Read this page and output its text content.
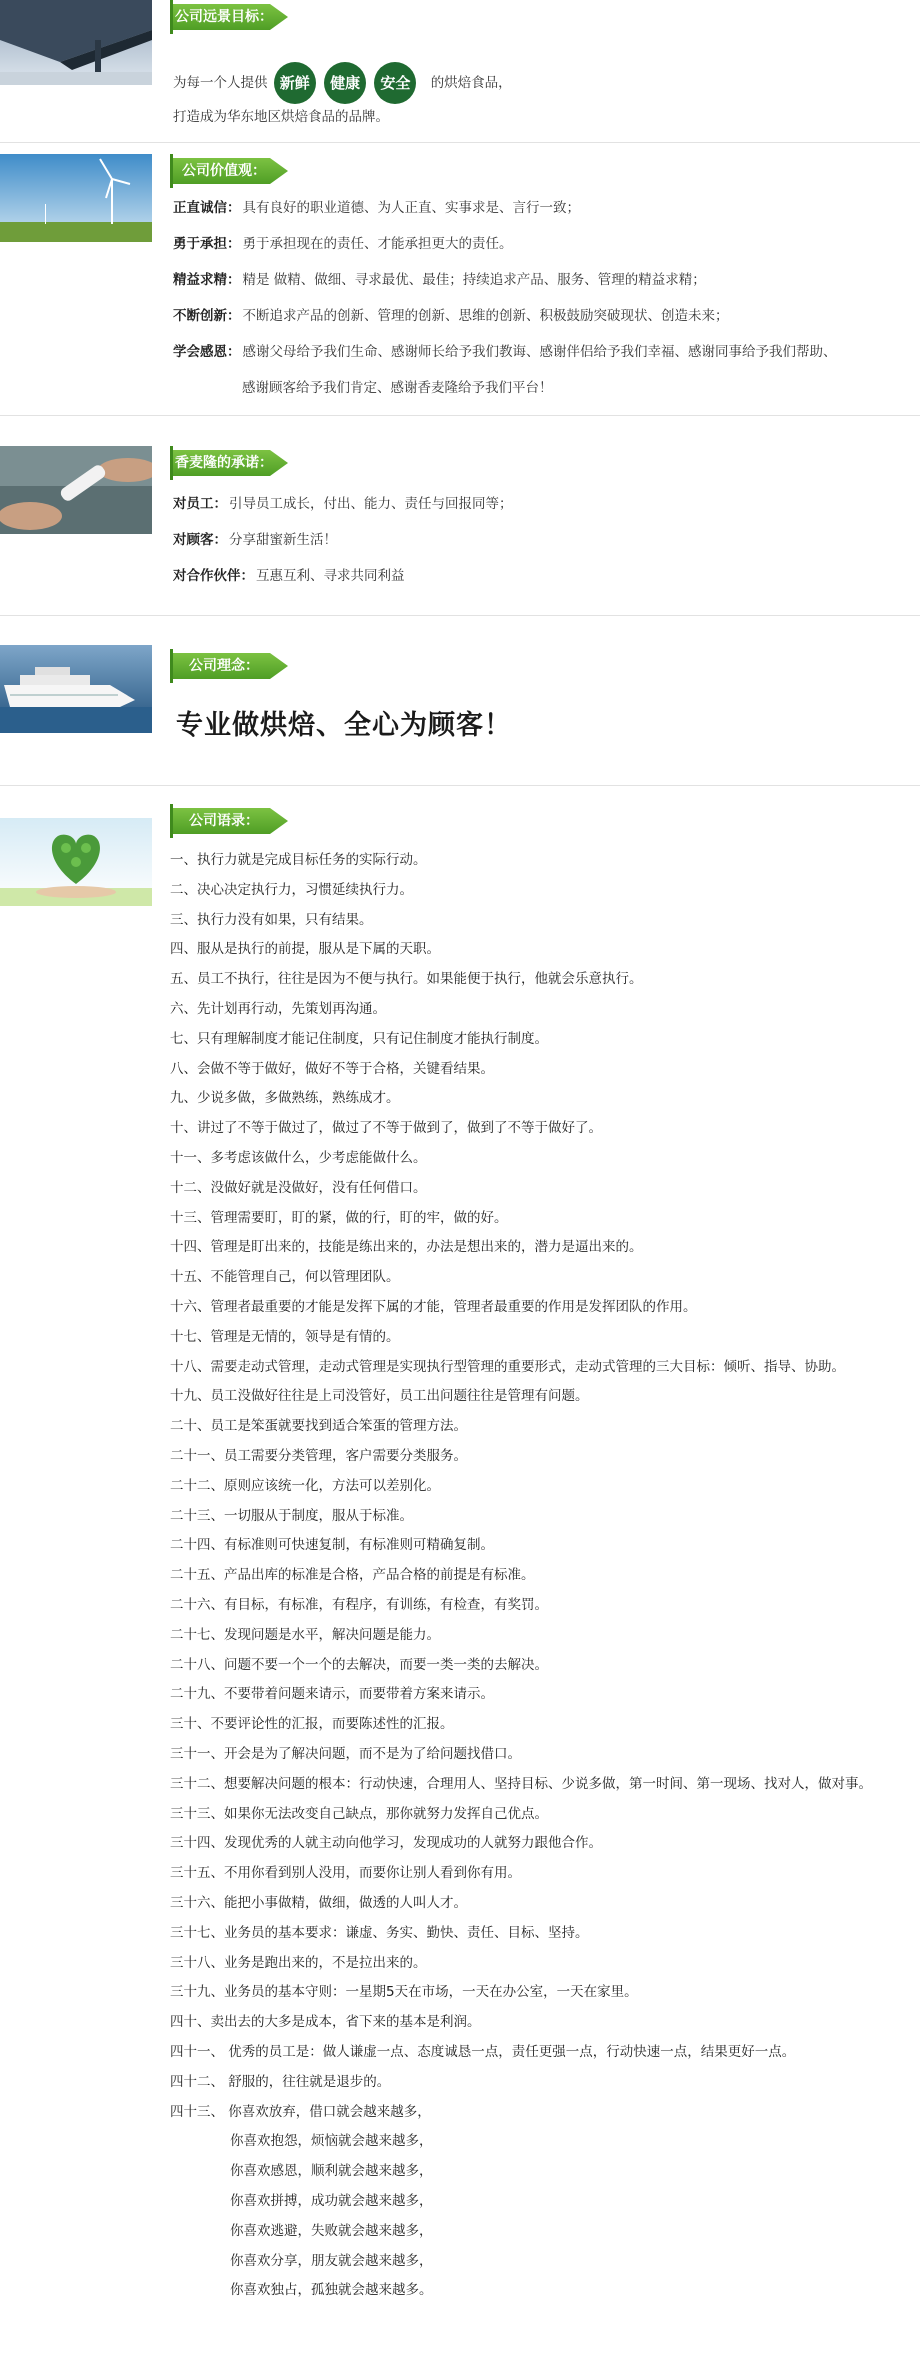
公司远景目标：
为每一个人提供 新鲜 健康 安全 的烘焙食品，
打造成为华东地区烘焙食品的品牌。
公司价值观：
正直诚信： 具有良好的职业道德、为人正直、实事求是、言行一致；
勇于承担： 勇于承担现在的责任、才能承担更大的责任。
精益求精： 精是 做精、做细、寻求最优、最佳；持续追求产品、服务、管理的精益求精；
不断创新： 不断追求产品的创新、管理的创新、思维的创新、积极鼓励突破现状、创造未来；
学会感恩： 感谢父母给予我们生命、感谢师长给予我们教诲、感谢伴侣给予我们幸福、感谢同事给予我们帮助、
感谢顾客给予我们肯定、感谢香麦隆给予我们平台！
香麦隆的承诺：
对员工： 引导员工成长，付出、能力、责任与回报同等；
对顾客： 分享甜蜜新生活！
对合作伙伴： 互惠互利、寻求共同利益
公司理念：
专业做烘焙、全心为顾客！
公司语录：
一、执行力就是完成目标任务的实际行动。
二、决心决定执行力，习惯延续执行力。
三、执行力没有如果，只有结果。
四、服从是执行的前提，服从是下属的天职。
五、员工不执行，往往是因为不便与执行。如果能便于执行，他就会乐意执行。
六、先计划再行动，先策划再沟通。
七、只有理解制度才能记住制度，只有记住制度才能执行制度。
八、会做不等于做好，做好不等于合格，关键看结果。
九、少说多做，多做熟练，熟练成才。
十、讲过了不等于做过了，做过了不等于做到了，做到了不等于做好了。
十一、多考虑该做什么，少考虑能做什么。
十二、没做好就是没做好，没有任何借口。
十三、管理需要盯，盯的紧，做的行，盯的牢，做的好。
十四、管理是盯出来的，技能是练出来的，办法是想出来的，潜力是逼出来的。
十五、不能管理自己，何以管理团队。
十六、管理者最重要的才能是发挥下属的才能，管理者最重要的作用是发挥团队的作用。
十七、管理是无情的，领导是有情的。
十八、需要走动式管理，走动式管理是实现执行型管理的重要形式，走动式管理的三大目标：倾听、指导、协助。
十九、员工没做好往往是上司没管好，员工出问题往往是管理有问题。
二十、员工是笨蛋就要找到适合笨蛋的管理方法。
二十一、员工需要分类管理，客户需要分类服务。
二十二、原则应该统一化，方法可以差别化。
二十三、一切服从于制度，服从于标准。
二十四、有标准则可快速复制，有标准则可精确复制。
二十五、产品出库的标准是合格，产品合格的前提是有标准。
二十六、有目标，有标准，有程序，有训练，有检查，有奖罚。
二十七、发现问题是水平，解决问题是能力。
二十八、问题不要一个一个的去解决，而要一类一类的去解决。
二十九、不要带着问题来请示，而要带着方案来请示。
三十、不要评论性的汇报，而要陈述性的汇报。
三十一、开会是为了解决问题，而不是为了给问题找借口。
三十二、想要解决问题的根本：行动快速，合理用人、坚持目标、少说多做，第一时间、第一现场、找对人，做对事。
三十三、如果你无法改变自己缺点，那你就努力发挥自己优点。
三十四、发现优秀的人就主动向他学习，发现成功的人就努力跟他合作。
三十五、不用你看到别人没用，而要你让别人看到你有用。
三十六、能把小事做精，做细，做透的人叫人才。
三十七、业务员的基本要求：谦虚、务实、勤快、责任、目标、坚持。
三十八、业务是跑出来的，不是拉出来的。
三十九、业务员的基本守则：一星期5天在市场，一天在办公室，一天在家里。
四十、卖出去的大多是成本，省下来的基本是利润。
四十一、 优秀的员工是：做人谦虚一点、态度诚恳一点，责任更强一点，行动快速一点，结果更好一点。
四十二、 舒服的，往往就是退步的。
四十三、 你喜欢放弃，借口就会越来越多，
你喜欢抱怨，烦恼就会越来越多，
你喜欢感恩，顺利就会越来越多，
你喜欢拼搏，成功就会越来越多，
你喜欢逃避，失败就会越来越多，
你喜欢分享，朋友就会越来越多，
你喜欢独占，孤独就会越来越多。
